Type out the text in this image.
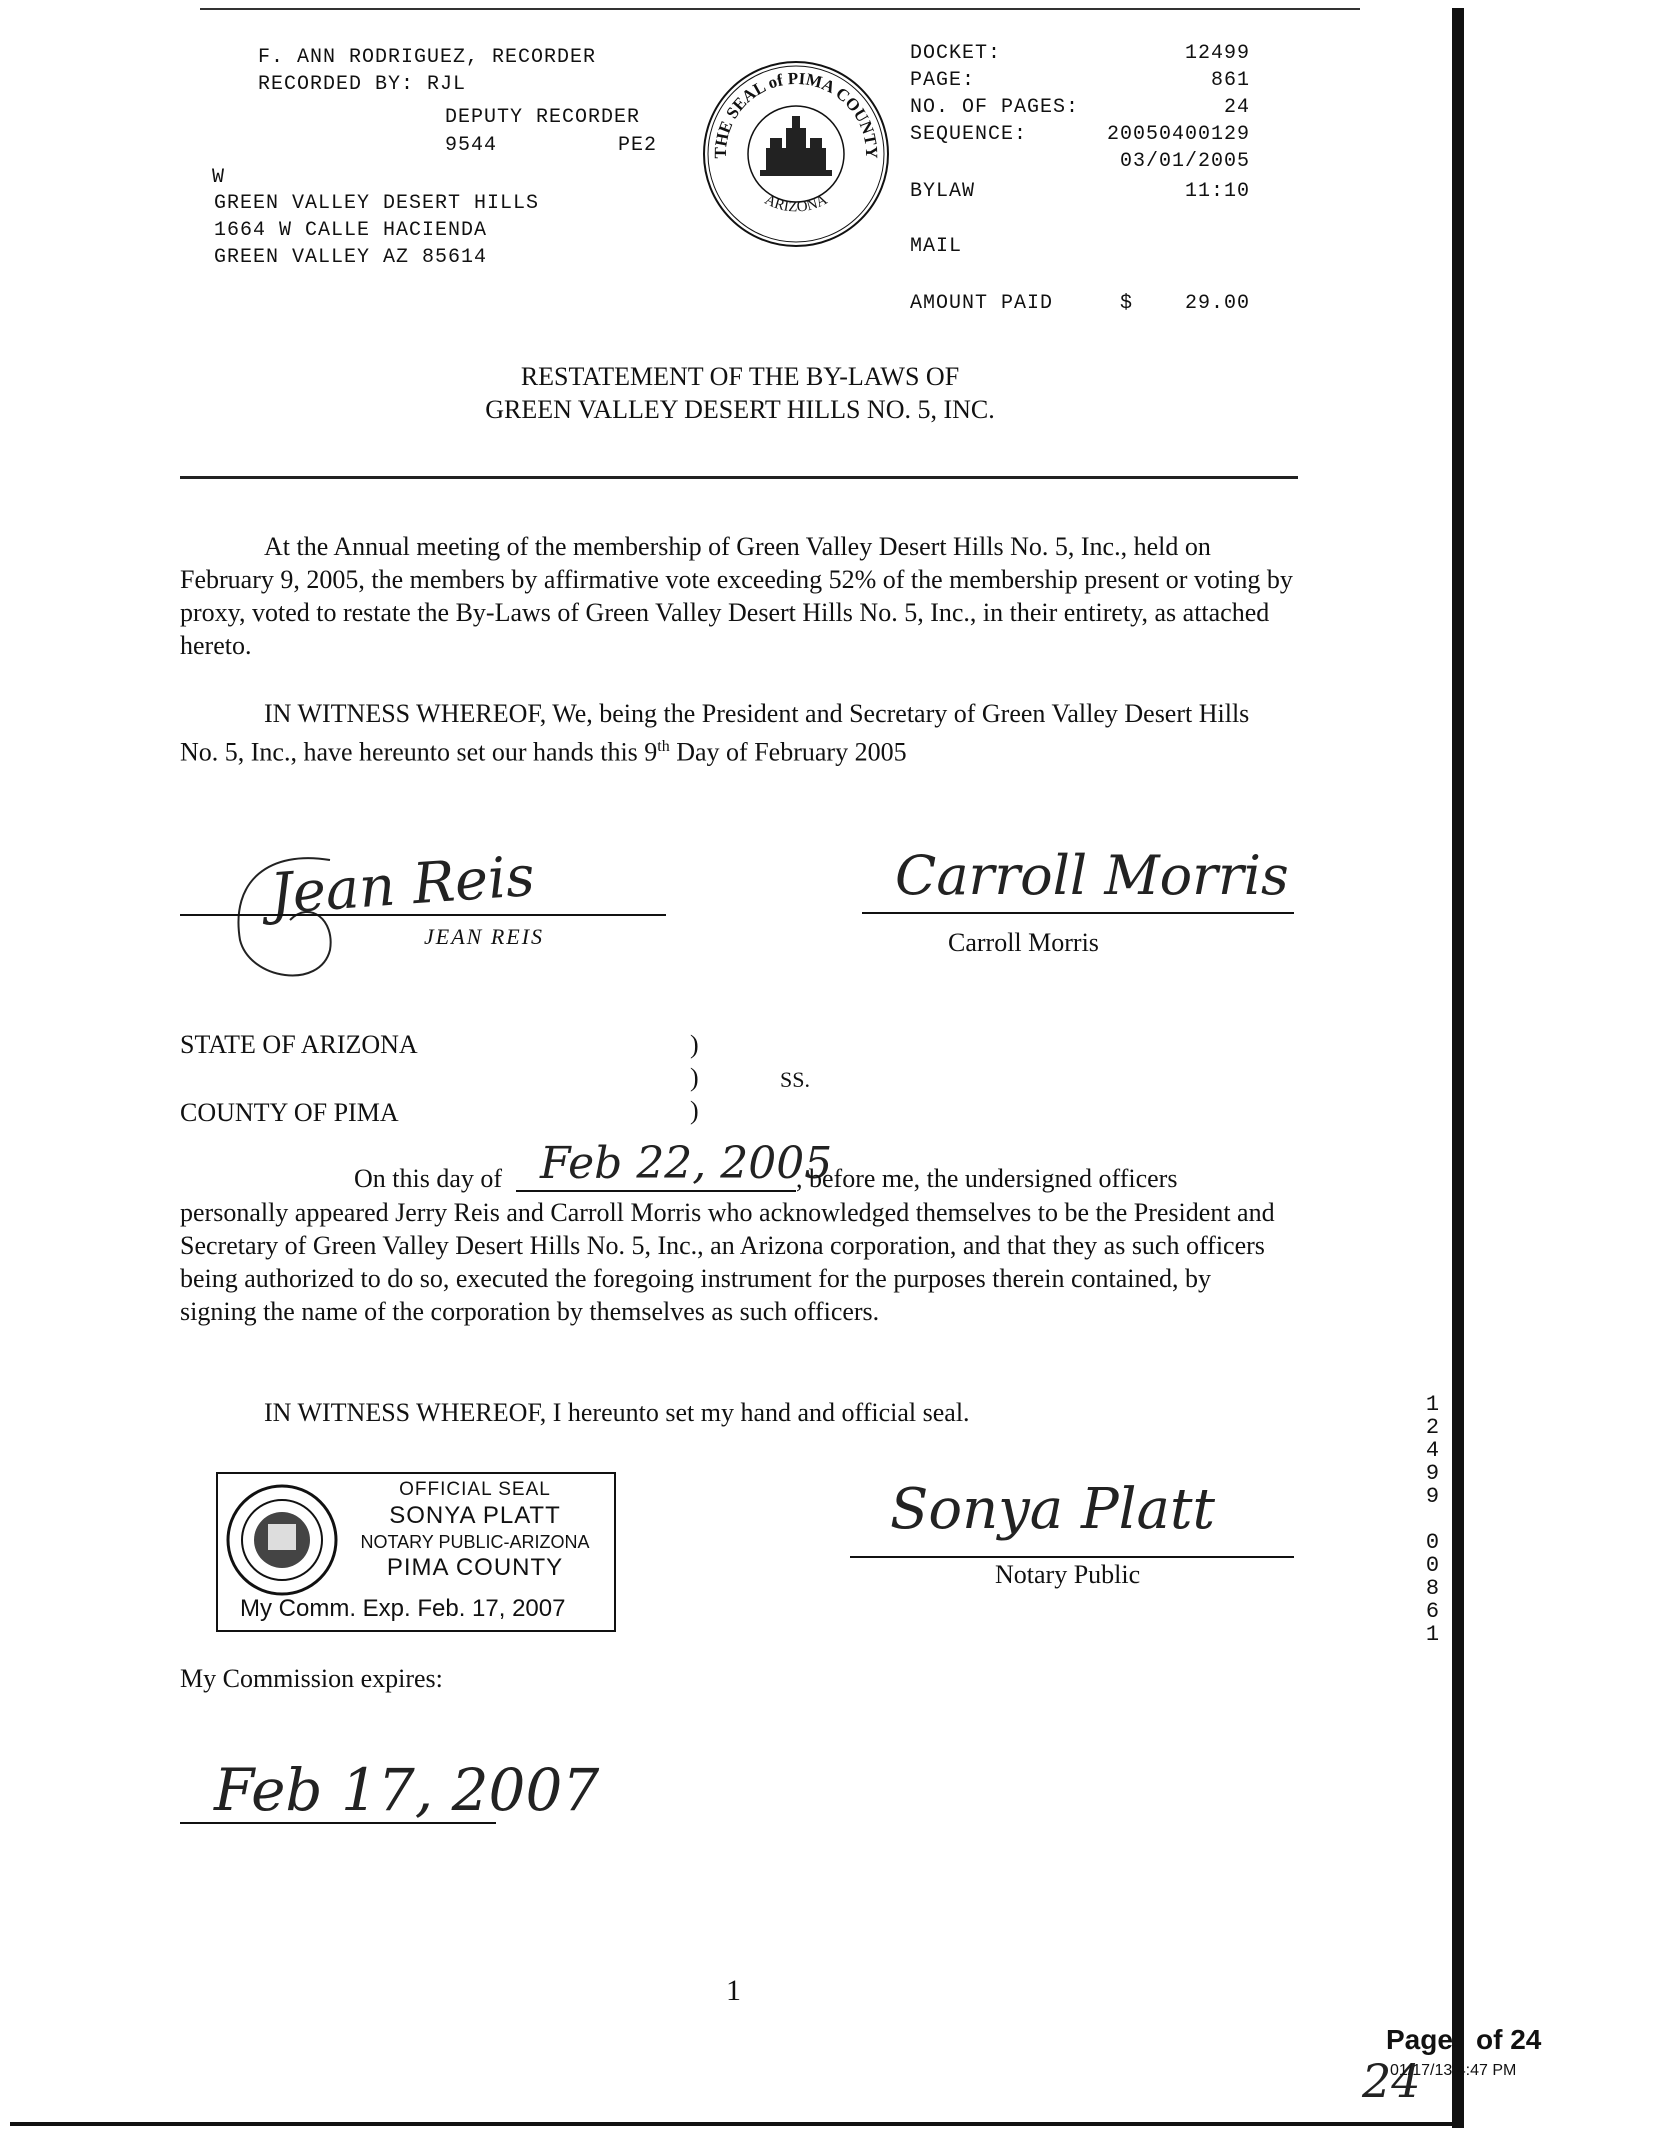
F. ANN RODRIGUEZ, RECORDER
RECORDED BY: RJL
DEPUTY RECORDER
9544	PE2
W
GREEN VALLEY DESERT HILLS
1664 W CALLE HACIENDA
GREEN VALLEY AZ 85614
THE SEAL of PIMA COUNTY
ARIZONA
DOCKET:	12499
PAGE:	861
NO. OF PAGES:	24
SEQUENCE:	20050400129
03/01/2005
BYLAW	11:10
MAIL
AMOUNT PAID	$	29.00
RESTATEMENT OF THE BY-LAWS OF
GREEN VALLEY DESERT HILLS NO. 5, INC.
At the Annual meeting of the membership of Green Valley Desert Hills No. 5, Inc., held on February 9, 2005, the members by affirmative vote exceeding 52% of the membership present or voting by proxy, voted to restate the By-Laws of Green Valley Desert Hills No. 5, Inc., in their entirety, as attached hereto.
IN WITNESS WHEREOF, We, being the President and Secretary of Green Valley Desert Hills No. 5, Inc., have hereunto set our hands this 9th Day of February 2005
Jean Reis
JEAN REIS
Carroll Morris
Carroll Morris
STATE OF ARIZONA
COUNTY OF PIMA
)
)
)
SS.
On this day of Feb 22, 2005
, before me, the undersigned officers
personally appeared Jerry Reis and Carroll Morris who acknowledged themselves to be the President and Secretary of Green Valley Desert Hills No. 5, Inc., an Arizona corporation, and that they as such officers being authorized to do so, executed the foregoing instrument for the purposes therein contained, by signing the name of the corporation by themselves as such officers.
IN WITNESS WHEREOF, I hereunto set my hand and official seal.
OFFICIAL SEAL
SONYA PLATT
NOTARY PUBLIC-ARIZONA
PIMA COUNTY
My Comm. Exp. Feb. 17, 2007
Sonya Platt
Notary Public
My Commission expires:
Feb 17, 2007
12499 00861
1
Page of 24
24
01/17/13 4:47 PM
